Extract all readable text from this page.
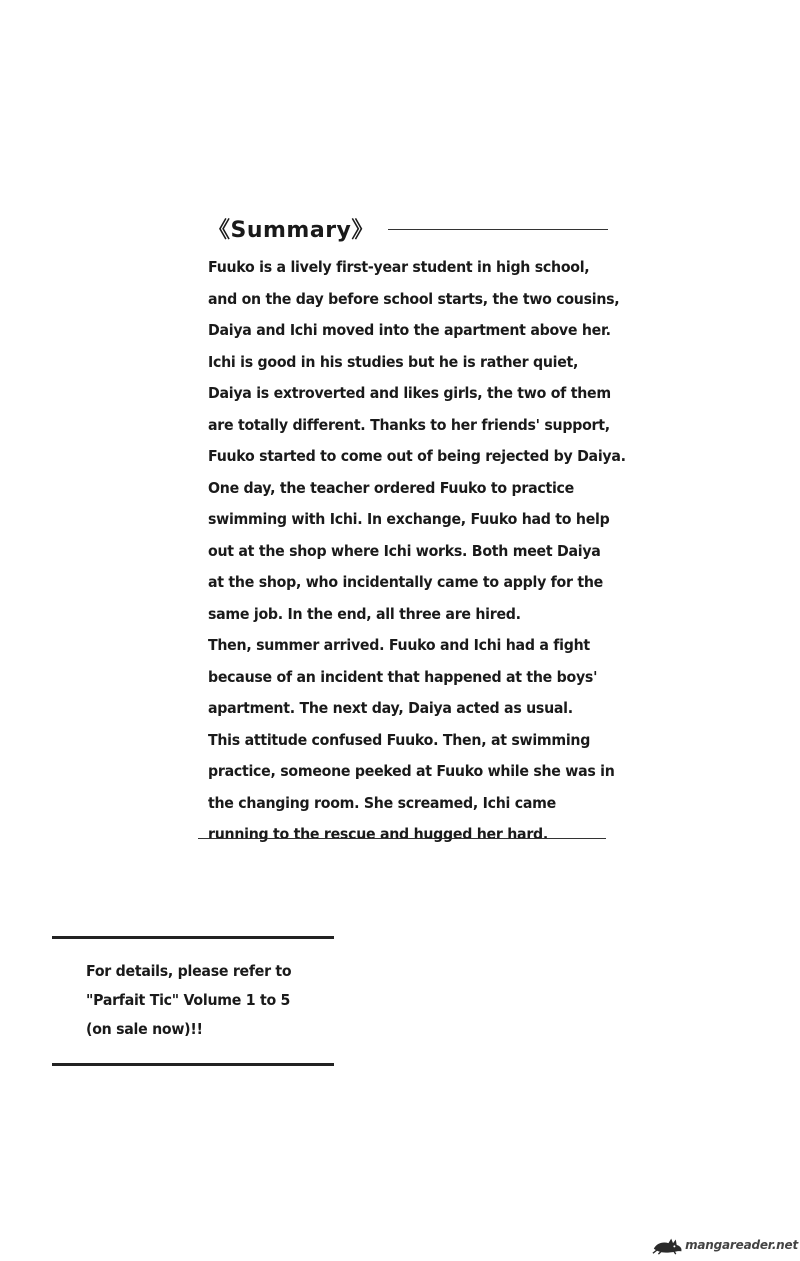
《Summary》
Fuuko is a lively first-year student in high school,
and on the day before school starts, the two cousins,
Daiya and Ichi moved into the apartment above her.
Ichi is good in his studies but he is rather quiet,
Daiya is extroverted and likes girls, the two of them
are totally different. Thanks to her friends' support,
Fuuko started to come out of being rejected by Daiya.
One day, the teacher ordered Fuuko to practice
swimming with Ichi. In exchange, Fuuko had to help
out at the shop where Ichi works. Both meet Daiya
at the shop, who incidentally came to apply for the
same job. In the end, all three are hired.
Then, summer arrived. Fuuko and Ichi had a fight
because of an incident that happened at the boys'
apartment. The next day, Daiya acted as usual.
This attitude confused Fuuko. Then, at swimming
practice, someone peeked at Fuuko while she was in
the changing room. She screamed, Ichi came
running to the rescue and hugged her hard.
For details, please refer to
"Parfait Tic" Volume 1 to 5
(on sale now)!!
mangareader.net
